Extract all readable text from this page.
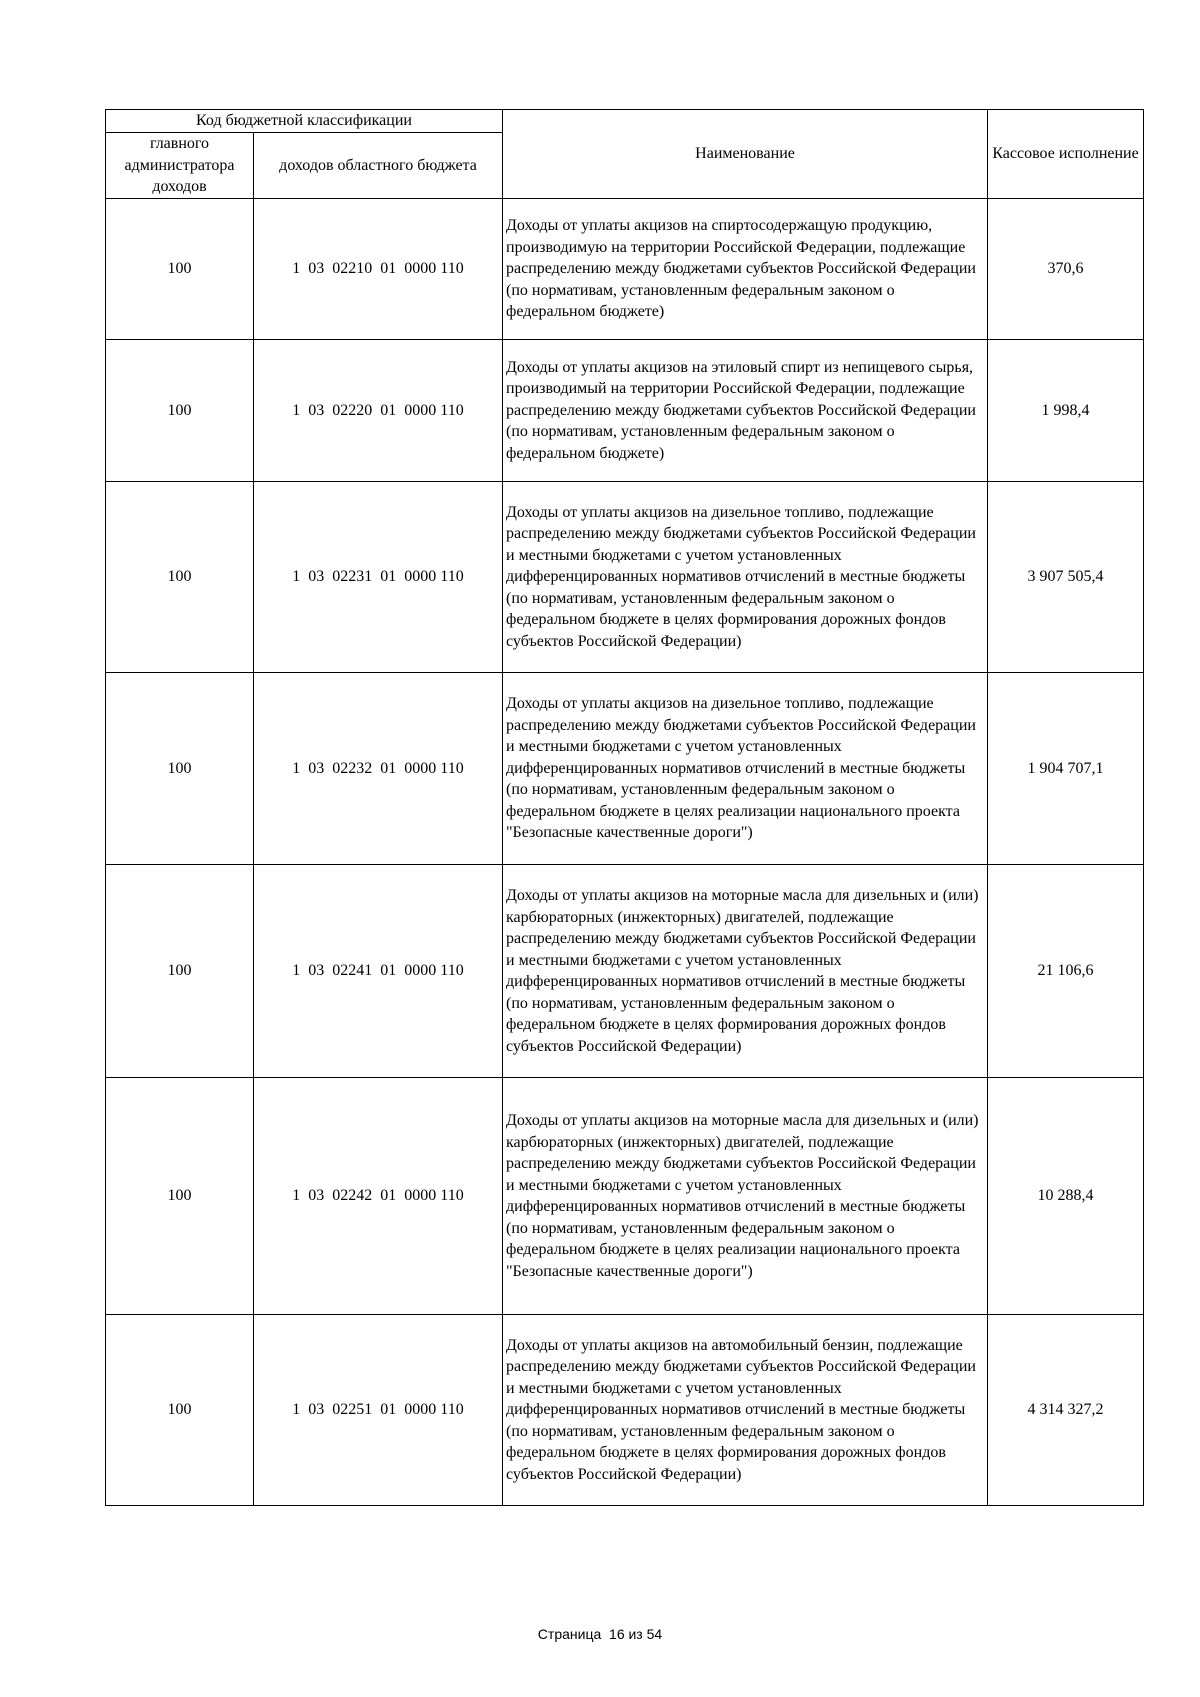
Код бюджетной классификации		Наименование	Кассовое исполнение
главного администратора доходов	доходов областного бюджета		
100	1  03  02210  01  0000 110	Доходы от уплаты акцизов на спиртосодержащую продукцию, производимую на территории Российской Федерации, подлежащие распределению между бюджетами субъектов Российской Федерации (по нормативам, установленным федеральным законом о федеральном бюджете)	370,6
100	1  03  02220  01  0000 110	Доходы от уплаты акцизов на этиловый спирт из непищевого сырья, производимый на территории Российской Федерации, подлежащие распределению между бюджетами субъектов Российской Федерации (по нормативам, установленным федеральным законом о федеральном бюджете)	1 998,4
100	1  03  02231  01  0000 110	Доходы от уплаты акцизов на дизельное топливо, подлежащие распределению между бюджетами субъектов Российской Федерации и местными бюджетами с учетом установленных дифференцированных нормативов отчислений в местные бюджеты (по нормативам, установленным федеральным законом о федеральном бюджете в целях формирования дорожных фондов субъектов Российской Федерации)	3 907 505,4
100	1  03  02232  01  0000 110	Доходы от уплаты акцизов на дизельное топливо, подлежащие распределению между бюджетами субъектов Российской Федерации и местными бюджетами с учетом установленных дифференцированных нормативов отчислений в местные бюджеты (по нормативам, установленным федеральным законом о федеральном бюджете в целях реализации национального проекта "Безопасные качественные дороги")	1 904 707,1
100	1  03  02241  01  0000 110	Доходы от уплаты акцизов на моторные масла для дизельных и (или) карбюраторных (инжекторных) двигателей, подлежащие распределению между бюджетами субъектов Российской Федерации и местными бюджетами с учетом установленных дифференцированных нормативов отчислений в местные бюджеты (по нормативам, установленным федеральным законом о федеральном бюджете в целях формирования дорожных фондов субъектов Российской Федерации)	21 106,6
100	1  03  02242  01  0000 110	Доходы от уплаты акцизов на моторные масла для дизельных и (или) карбюраторных (инжекторных) двигателей, подлежащие распределению между бюджетами субъектов Российской Федерации и местными бюджетами с учетом установленных дифференцированных нормативов отчислений в местные бюджеты (по нормативам, установленным федеральным законом о федеральном бюджете в целях реализации национального проекта "Безопасные качественные дороги")	10 288,4
100	1  03  02251  01  0000 110	Доходы от уплаты акцизов на автомобильный бензин, подлежащие распределению между бюджетами субъектов Российской Федерации и местными бюджетами с учетом установленных дифференцированных нормативов отчислений в местные бюджеты (по нормативам, установленным федеральным законом о федеральном бюджете в целях формирования дорожных фондов субъектов Российской Федерации)	4 314 327,2
Страница  16 из 54
